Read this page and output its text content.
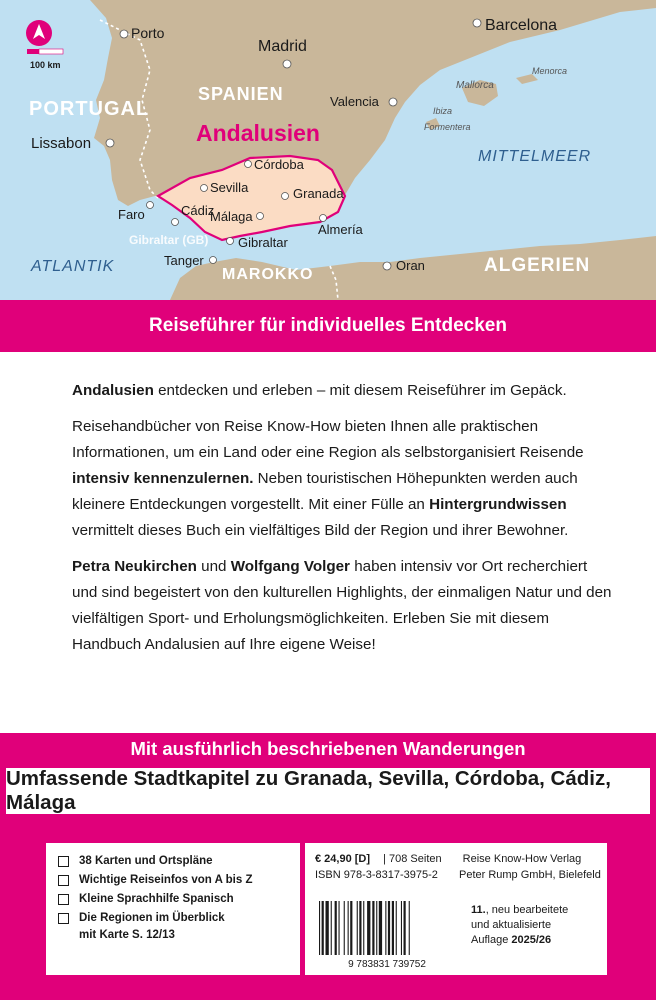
100 km
Porto
Madrid
Barcelona
Valencia
Lissabon
Córdoba
Sevilla	Granada
Faro	Cádiz
Málaga
Almería
Gibraltar
Tanger	Oran
Gibraltar (GB)
PORTUGAL
SPANIEN
MAROKKO	ALGERIEN
ATLANTIK
MITTELMEER
Mallorca
Menorca
Ibiza
Formentera
Andalusien
Reiseführer für individuelles Entdecken

Andalusien entdecken und erleben – mit diesem Reiseführer im Gepäck.

Reisehandbücher von Reise Know-How bieten Ihnen alle praktischen Informationen, um ein Land oder eine Region als selbstorganisiert Reisende intensiv kennenzulernen. Neben touristischen Höhepunkten werden auch kleinere Entdeckungen vorgestellt. Mit einer Fülle an Hintergrundwissen vermittelt dieses Buch ein vielfältiges Bild der Region und ihrer Bewohner.

Petra Neukirchen und Wolfgang Volger haben intensiv vor Ort recherchiert und sind begeistert von den kulturellen Highlights, der einmaligen Natur und den vielfältigen Sport- und Erholungsmöglichkeiten. Erleben Sie mit diesem Handbuch Andalusien auf Ihre eigene Weise!

Mit ausführlich beschriebenen Wanderungen
Umfassende Stadtkapitel zu Granada, Sevilla, Córdoba, Cádiz, Málaga
38 Karten und Ortspläne
Wichtige Reiseinfos von A bis Z
Kleine Sprachhilfe Spanisch
Die Regionen im Überblick
mit Karte S. 12/13
€ 24,90 [D] | 708 Seiten Reise Know-How Verlag
ISBN 978-3-8317-3975-2 Peter Rump GmbH, Bielefeld
9 783831 739752
11., neu bearbeitete
und aktualisierte
Auflage 2025/26
